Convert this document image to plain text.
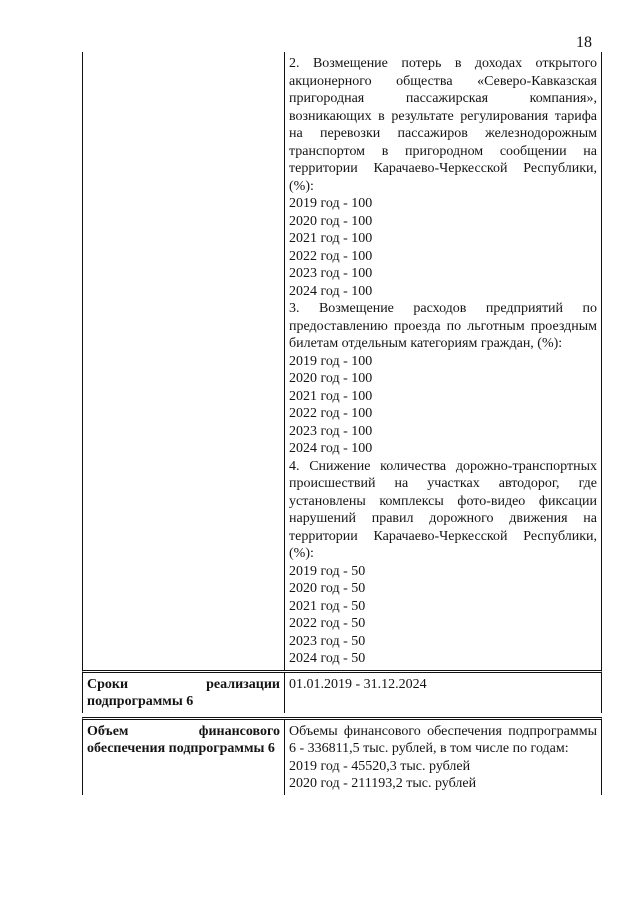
18

2. Возмещение потерь в доходах открытого акционерного общества «Северо-Кавказская пригородная пассажирская компания», возникающих в результате регулирования тарифа на перевозки пассажиров железнодорожным транспортом в пригородном сообщении на территории Карачаево-Черкесской Республики, (%):

2019 год - 100

2020 год - 100

2021 год - 100

2022 год - 100

2023 год - 100

2024 год - 100

3. Возмещение расходов предприятий по предоставлению проезда по льготным проездным билетам отдельным категориям граждан, (%):

2019 год - 100

2020 год - 100

2021 год - 100

2022 год - 100

2023 год - 100

2024 год - 100

4. Снижение количества дорожно-транспортных происшествий на участках автодорог, где установлены комплексы фото-видео фиксации нарушений правил дорожного движения на территории Карачаево-Черкесской Республики, (%):

2019 год - 50

2020 год - 50

2021 год - 50

2022 год - 50

2023 год - 50

2024 год - 50

Сроки реализации подпрограммы 6
01.01.2019 - 31.12.2024
Объем финансового обеспечения подпрограммы 6

Объемы финансового обеспечения подпрограммы 6 - 336811,5 тыс. рублей, в том числе по годам:

2019 год - 45520,3 тыс. рублей

2020 год - 211193,2 тыс. рублей
